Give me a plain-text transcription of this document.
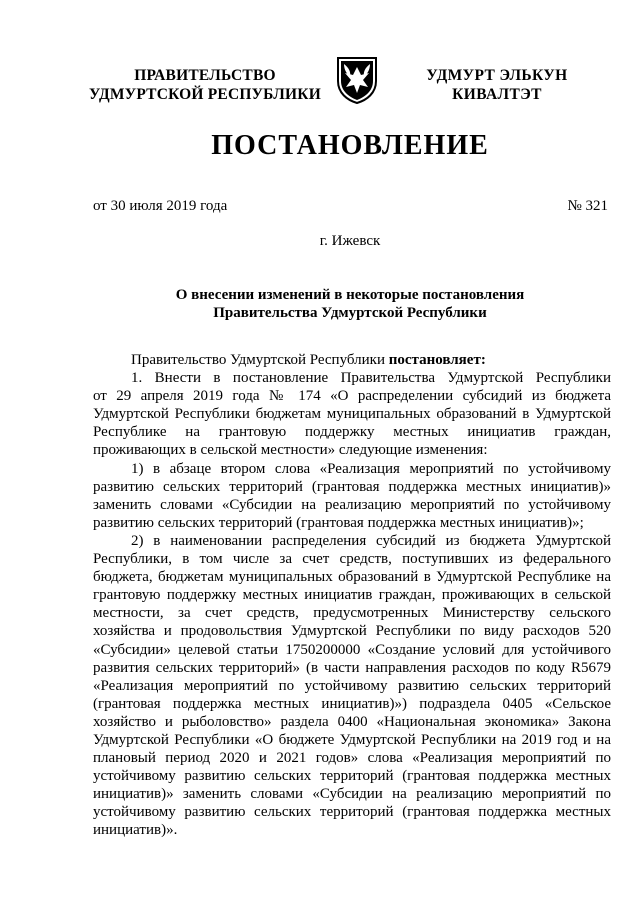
ПРАВИТЕЛЬСТВО
УДМУРТСКОЙ РЕСПУБЛИКИ
УДМУРТ ЭЛЬКУН
КИВАЛТЭТ
ПОСТАНОВЛЕНИЕ
от 30 июля 2019 года	№ 321
г. Ижевск
О внесении изменений в некоторые постановления
Правительства Удмуртской Республики
Правительство Удмуртской Республики постановляет:
1. Внести в постановление Правительства Удмуртской Республики
от 29 апреля 2019 года № 174 «О распределении субсидий из бюджета
Удмуртской Республики бюджетам муниципальных образований в Удмуртской
Республике на грантовую поддержку местных инициатив граждан,
проживающих в сельской местности» следующие изменения:
1) в абзаце втором слова «Реализация мероприятий по устойчивому
развитию сельских территорий (грантовая поддержка местных инициатив)»
заменить словами «Субсидии на реализацию мероприятий по устойчивому
развитию сельских территорий (грантовая поддержка местных инициатив)»;
2) в наименовании распределения субсидий из бюджета Удмуртской
Республики, в том числе за счет средств, поступивших из федерального
бюджета, бюджетам муниципальных образований в Удмуртской Республике на
грантовую поддержку местных инициатив граждан, проживающих в сельской
местности, за счет средств, предусмотренных Министерству сельского
хозяйства и продовольствия Удмуртской Республики по виду расходов 520
«Субсидии» целевой статьи 1750200000 «Создание условий для устойчивого
развития сельских территорий» (в части направления расходов по коду R5679
«Реализация мероприятий по устойчивому развитию сельских территорий
(грантовая поддержка местных инициатив)») подраздела 0405 «Сельское
хозяйство и рыболовство» раздела 0400 «Национальная экономика» Закона
Удмуртской Республики «О бюджете Удмуртской Республики на 2019 год и на
плановый период 2020 и 2021 годов» слова «Реализация мероприятий по
устойчивому развитию сельских территорий (грантовая поддержка местных
инициатив)» заменить словами «Субсидии на реализацию мероприятий по
устойчивому развитию сельских территорий (грантовая поддержка местных
инициатив)».
